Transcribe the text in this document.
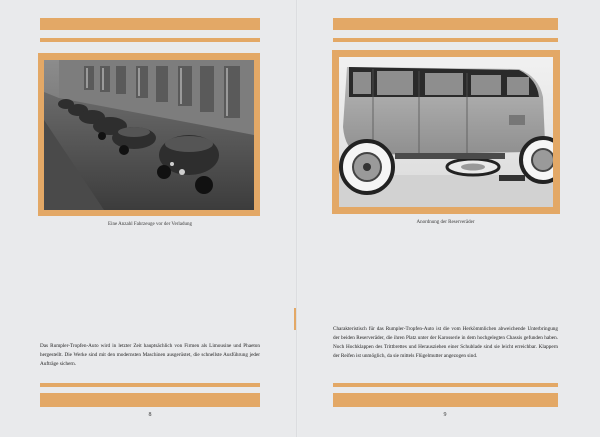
Eine Anzahl Fahrzeuge vor der Verladung
Das Rumpler-Tropfen-Auto wird in letzter Zeit hauptsächlich von Firmen als Limousine und Phaeton hergestellt. Die Werke sind mit den modernsten Maschinen ausgerüstet, die schnellste Ausführung jeder Aufträge sichern.
8
Anordnung der Reserveräder
Charakteristisch für das Rumpler-Tropfen-Auto ist die vom Herkömmlichen abweichende Unterbringung der beiden Reserveräder, die ihren Platz unter der Karosserie in dem hochgelegten Chassis gefunden haben. Noch Hochklappen des Trittbrettes und Herausziehen einer Schublade sind sie leicht erreichbar. Klappern der Reifen ist unmöglich, da sie mittels Flügelmutter angezogen sind.
9
